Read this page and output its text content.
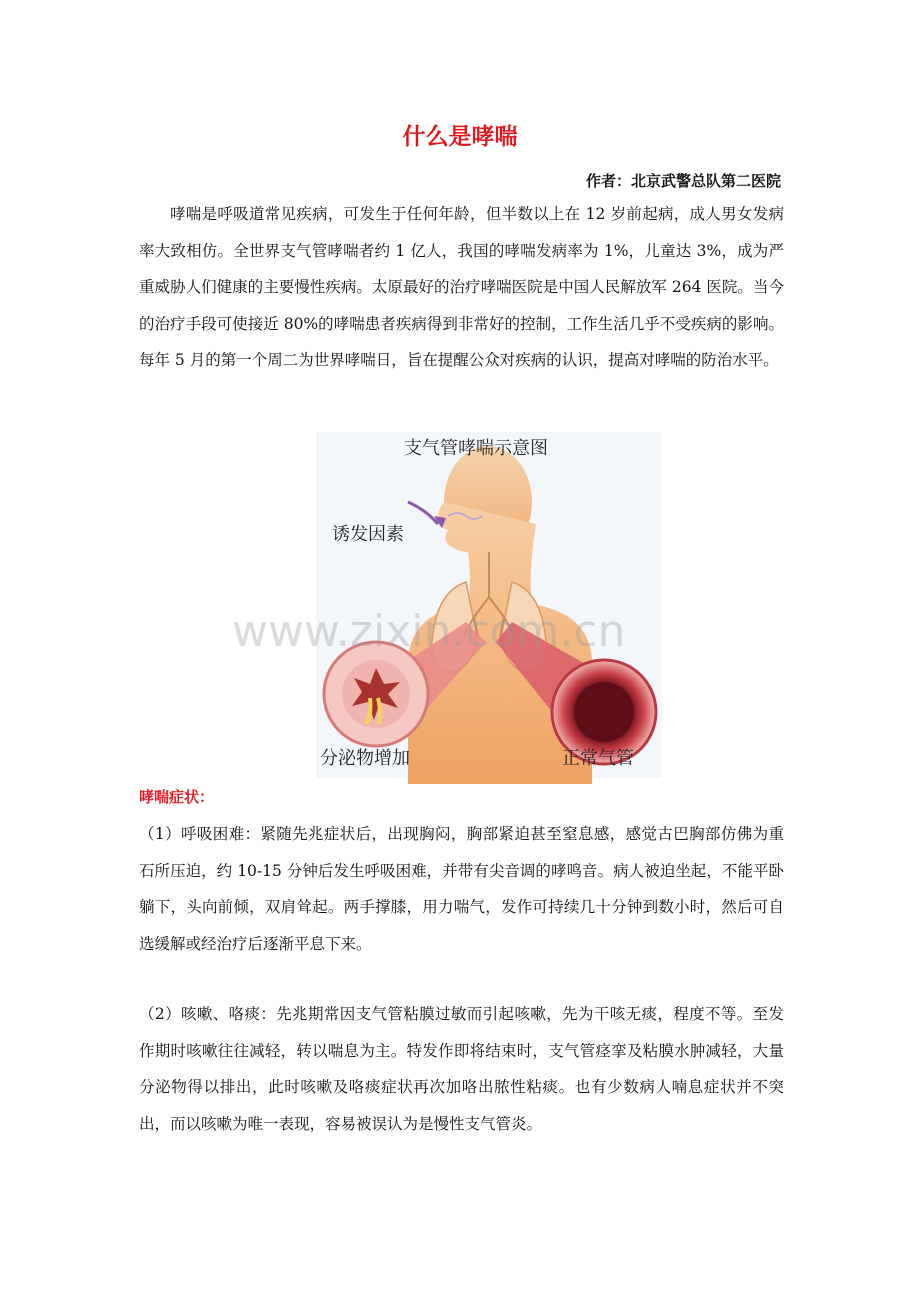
什么是哮喘
作者：北京武警总队第二医院
哮喘是呼吸道常见疾病，可发生于任何年龄，但半数以上在 12 岁前起病，成人男女发病率大致相仿。全世界支气管哮喘者约 1 亿人，我国的哮喘发病率为 1%，儿童达 3%，成为严重威胁人们健康的主要慢性疾病。太原最好的治疗哮喘医院是中国人民解放军 264 医院。当今的治疗手段可使接近 80%的哮喘患者疾病得到非常好的控制，工作生活几乎不受疾病的影响。每年 5 月的第一个周二为世界哮喘日，旨在提醒公众对疾病的认识，提高对哮喘的防治水平。
支气管哮喘示意图
诱发因素
分泌物增加	正常气管
www.zixin.com.cn
哮喘症状：
（1）呼吸困难：紧随先兆症状后，出现胸闷，胸部紧迫甚至窒息感，感觉古巴胸部仿佛为重石所压迫，约 10-15 分钟后发生呼吸困难，并带有尖音调的哮鸣音。病人被迫坐起，不能平卧躺下，头向前倾，双肩耸起。两手撑膝，用力喘气，发作可持续几十分钟到数小时，然后可自选缓解或经治疗后逐渐平息下来。
（2）咳嗽、咯痰：先兆期常因支气管粘膜过敏而引起咳嗽，先为干咳无痰，程度不等。至发作期时咳嗽往往减轻，转以喘息为主。特发作即将结束时，支气管痉挛及粘膜水肿减轻，大量分泌物得以排出，此时咳嗽及咯痰症状再次加咯出脓性粘痰。也有少数病人喃息症状并不突出，而以咳嗽为唯一表现，容易被误认为是慢性支气管炎。
